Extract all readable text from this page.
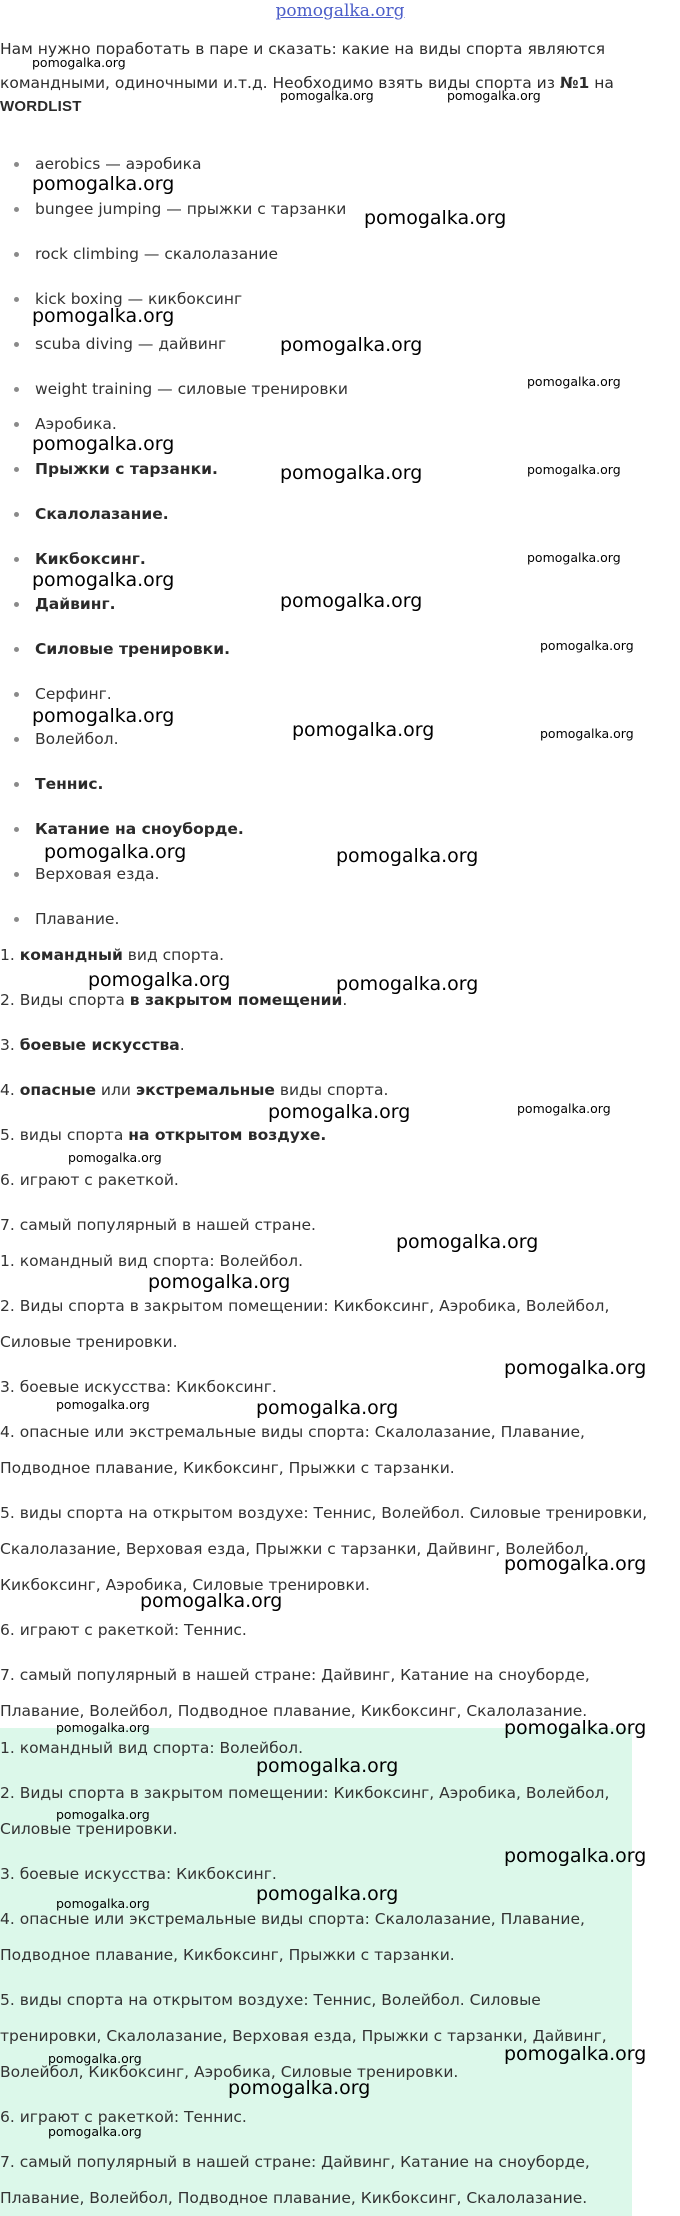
pomogalka.org

Нам нужно поработать в паре и сказать: какие на виды спорта являются командными, одиночными и.т.д. Необходимо взять виды спорта из №1 на

WORDLIST
aerobics — аэробика
bungee jumping — прыжки с тарзанки
rock climbing — скалолазание
kick boxing — кикбоксинг
scuba diving — дайвинг
weight training — силовые тренировки
Аэробика.
Прыжки с тарзанки.
Скалолазание.
Кикбоксинг.
Дайвинг.
Силовые тренировки.
Серфинг.
Волейбол.
Теннис.
Катание на сноуборде.
Верховая езда.
Плавание.
1. командный вид спорта.
2. Виды спорта в закрытом помещении.
3. боевые искусства.
4. опасные или экстремальные виды спорта.
5. виды спорта на открытом воздухе.
6. играют с ракеткой.
7. самый популярный в нашей стране.
1. командный вид спорта: Волейбол.
2. Виды спорта в закрытом помещении: Кикбоксинг, Аэробика, Волейбол,
Силовые тренировки.
3. боевые искусства: Кикбоксинг.
4. опасные или экстремальные виды спорта: Скалолазание, Плавание,
Подводное плавание, Кикбоксинг, Прыжки с тарзанки.
5. виды спорта на открытом воздухе: Теннис, Волейбол. Силовые тренировки,
Скалолазание, Верховая езда, Прыжки с тарзанки, Дайвинг, Волейбол,
Кикбоксинг, Аэробика, Силовые тренировки.
6. играют с ракеткой: Теннис.
7. самый популярный в нашей стране: Дайвинг, Катание на сноуборде,
Плавание, Волейбол, Подводное плавание, Кикбоксинг, Скалолазание.
1. командный вид спорта: Волейбол.
2. Виды спорта в закрытом помещении: Кикбоксинг, Аэробика, Волейбол,
Силовые тренировки.
3. боевые искусства: Кикбоксинг.
4. опасные или экстремальные виды спорта: Скалолазание, Плавание,
Подводное плавание, Кикбоксинг, Прыжки с тарзанки.
5. виды спорта на открытом воздухе: Теннис, Волейбол. Силовые
тренировки, Скалолазание, Верховая езда, Прыжки с тарзанки, Дайвинг,
Волейбол, Кикбоксинг, Аэробика, Силовые тренировки.
6. играют с ракеткой: Теннис.
7. самый популярный в нашей стране: Дайвинг, Катание на сноуборде,
Плавание, Волейбол, Подводное плавание, Кикбоксинг, Скалолазание.
pomogalka.org
pomogalka.org	pomogalka.org
pomogalka.org
pomogalka.org
pomogalka.org
pomogalka.org
pomogalka.org
pomogalka.org
pomogalka.org	pomogalka.org
pomogalka.org
pomogalka.org
pomogalka.org
pomogalka.org
pomogalka.org
pomogalka.org	pomogalka.org
pomogalka.org	pomogalka.org
pomogalka.org	pomogalka.org
pomogalka.org	pomogalka.org
pomogalka.org
pomogalka.org
pomogalka.org
pomogalka.org
pomogalka.org	pomogalka.org
pomogalka.org
pomogalka.org
pomogalka.org	pomogalka.org
pomogalka.org
pomogalka.org
pomogalka.org
pomogalka.org	pomogalka.org
pomogalka.org
pomogalka.org
pomogalka.org
pomogalka.org
